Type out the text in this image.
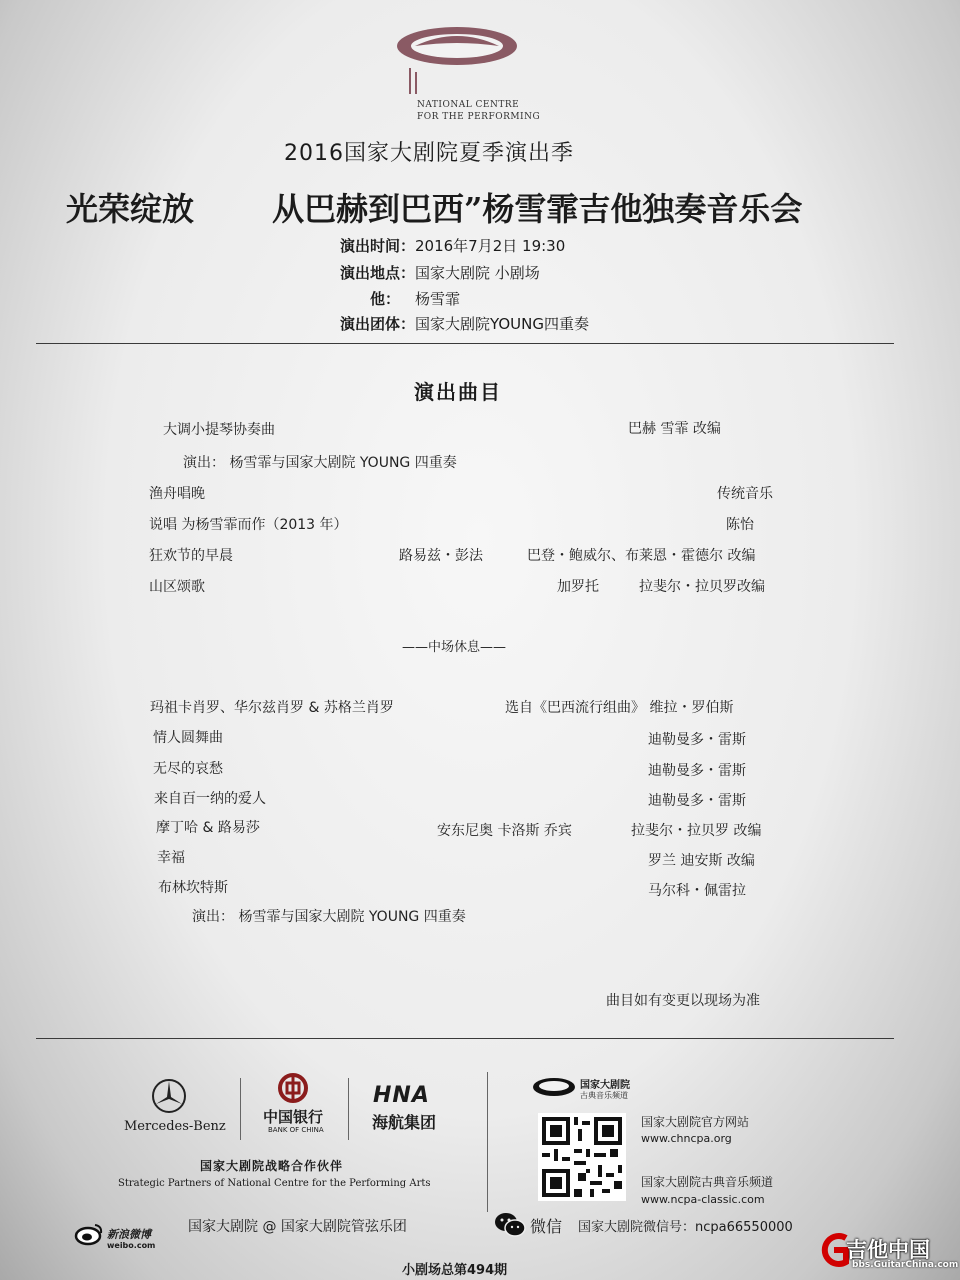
NATIONAL CENTRE
FOR THE PERFORMING
2016国家大剧院夏季演出季
光荣绽放 从巴赫到巴西”杨雪霏吉他独奏音乐会
演出时间： 2016年7月2日 19:30
演出地点： 国家大剧院 小剧场
他： 杨雪霏
演出团体： 国家大剧院YOUNG四重奏
演出曲目
大调小提琴协奏曲	巴赫 雪霏 改编
演出： 杨雪霏与国家大剧院 YOUNG 四重奏
渔舟唱晚	传统音乐
说唱 为杨雪霏而作（2013 年）	陈怡
狂欢节的早晨	路易兹・彭法	巴登・鲍威尔、布莱恩・霍德尔 改编
山区颂歌	加罗托	拉斐尔・拉贝罗改编
——中场休息——
玛祖卡肖罗、华尔兹肖罗 & 苏格兰肖罗	选自《巴西流行组曲》 维拉・罗伯斯
情人圆舞曲	迪勒曼多・雷斯
无尽的哀愁	迪勒曼多・雷斯
来自百一纳的爱人	迪勒曼多・雷斯
摩丁哈 & 路易莎	安东尼奥 卡洛斯 乔宾	拉斐尔・拉贝罗 改编
幸福	罗兰 迪安斯 改编
布林坎特斯	马尔科・佩雷拉
演出： 杨雪霏与国家大剧院 YOUNG 四重奏
曲目如有变更以现场为准
Mercedes-Benz
中国银行
BANK OF CHINA
HNA
海航集团
国家大剧院战略合作伙伴
Strategic Partners of National Centre for the Performing Arts
国家大剧院
古典音乐频道
国家大剧院官方网站
www.chncpa.org
国家大剧院古典音乐频道
www.ncpa-classic.com
新浪微博
weibo.com
国家大剧院 @ 国家大剧院管弦乐团	微信 国家大剧院微信号：ncpa66550000
小剧场总第494期
吉他中国
bbs.GuitarChina.com
